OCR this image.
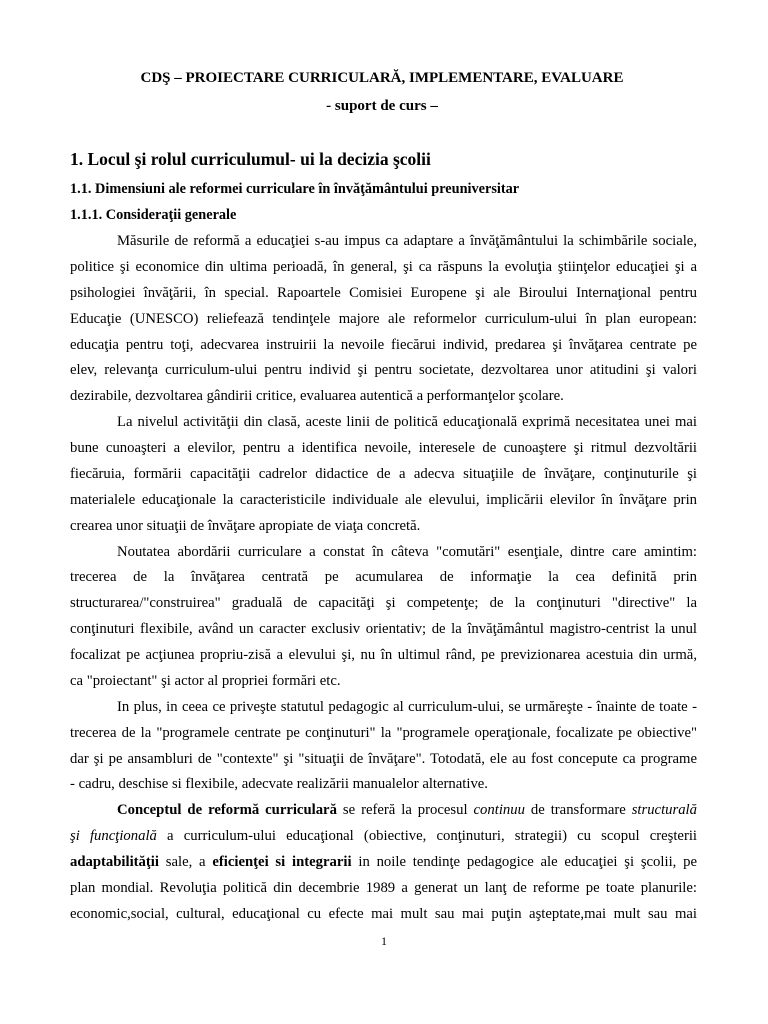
CDŞ – PROIECTARE CURRICULARĂ, IMPLEMENTARE, EVALUARE
- suport de curs –
1. Locul şi rolul curriculumul- ui la decizia şcolii
1.1. Dimensiuni ale reformei curriculare în învăţământului preuniversitar
1.1.1. Consideraţii generale
Măsurile de reformă a educaţiei s-au impus ca adaptare a învăţământului la schimbările sociale,
politice şi economice din ultima perioadă, în general, şi ca răspuns la evoluţia ştiinţelor educaţiei şi a
psihologiei învăţării, în special. Rapoartele Comisiei Europene şi ale Biroului Internaţional pentru
Educaţie (UNESCO) reliefează tendinţele majore ale reformelor curriculum-ului în plan european:
educaţia pentru toţi, adecvarea instruirii la nevoile fiecărui individ, predarea şi învăţarea centrate pe
elev, relevanţa curriculum-ului pentru individ şi pentru societate, dezvoltarea unor atitudini şi valori
dezirabile, dezvoltarea gândirii critice, evaluarea autentică a performanţelor şcolare.
La nivelul activităţii din clasă, aceste linii de politică educaţională exprimă necesitatea unei mai
bune cunoaşteri a elevilor, pentru a identifica nevoile, interesele de cunoaştere şi ritmul dezvoltării
fiecăruia, formării capacităţii cadrelor didactice de a adecva situaţiile de învăţare, conţinuturile şi
materialele educaţionale la caracteristicile individuale ale elevului, implicării elevilor în învăţare prin
crearea unor situaţii de învăţare apropiate de viaţa concretă.
Noutatea abordării curriculare a constat în câteva "comutări" esenţiale, dintre care amintim:
trecerea de la învăţarea centrată pe acumularea de informaţie la cea definită prin
structurarea/"construirea" graduală de capacităţi şi competenţe; de la conţinuturi "directive" la
conţinuturi flexibile, având un caracter exclusiv orientativ; de la învăţământul magistro-centrist la unul
focalizat pe acţiunea propriu-zisă a elevului şi, nu în ultimul rând, pe previzionarea acestuia din urmă,
ca "proiectant" şi actor al propriei formări etc.
In plus, in ceea ce priveşte statutul pedagogic al curriculum-ului, se urmăreşte - înainte de toate -
trecerea de la "programele centrate pe conţinuturi" la "programele operaţionale, focalizate pe obiective"
dar şi pe ansambluri de "contexte" şi "situaţii de învăţare". Totodată, ele au fost concepute ca programe
- cadru, deschise si flexibile, adecvate realizării manualelor alternative.
Conceptul de reformă curriculară se referă la procesul continuu de transformare structurală
şi funcţională a curriculum-ului educaţional (obiective, conţinuturi, strategii) cu scopul creşterii
adaptabilităţii sale, a eficienţei si integrarii in noile tendinţe pedagogice ale educaţiei şi şcolii, pe
plan mondial. Revoluţia politică din decembrie 1989 a generat un lanţ de reforme pe toate planurile:
economic,social, cultural, educaţional cu efecte mai mult sau mai puţin aşteptate,mai mult sau mai
1
